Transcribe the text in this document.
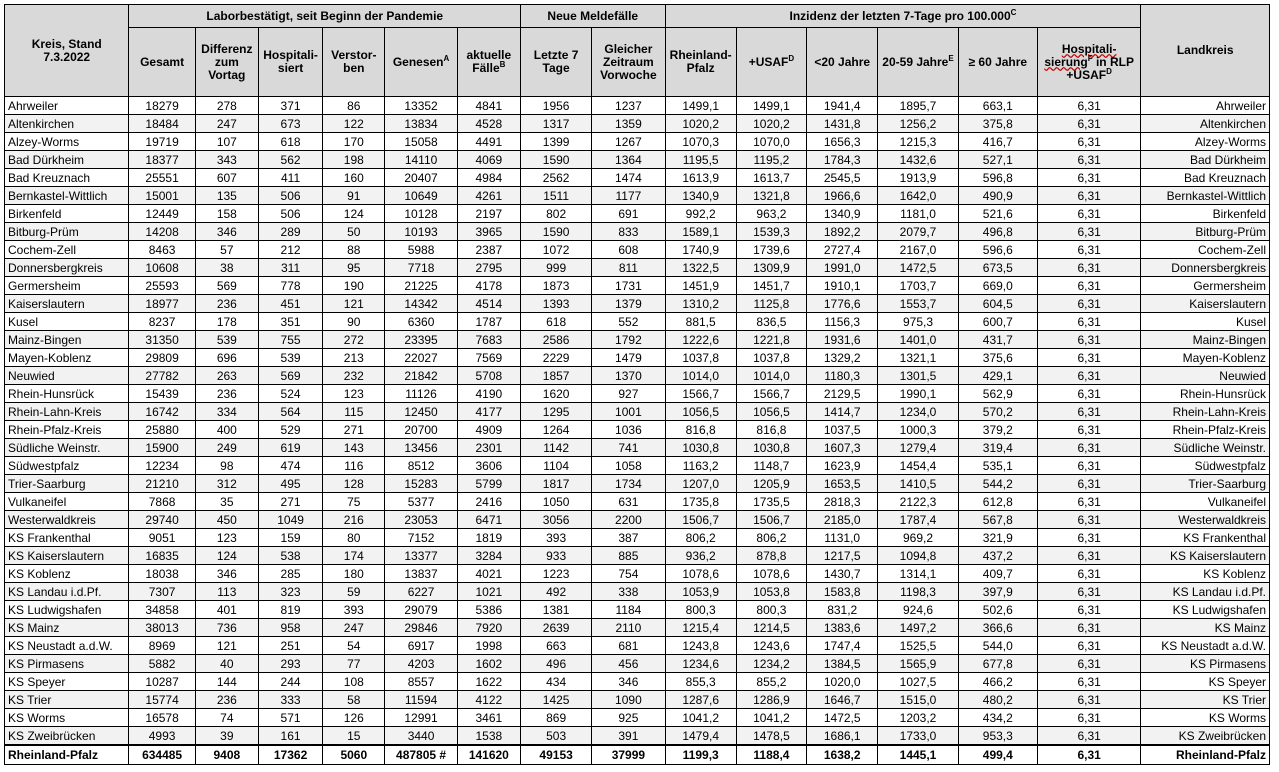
Kreis, Stand
7.3.2022	Laborbestätigt, seit Beginn der Pandemie						Neue Meldefälle		Inzidenz der letzten 7-Tage pro $100.000^C$						Landkreis
	Gesamt	Differenz zum Vortag	Hospitali-siert	Verstor-ben	Genesen$^A$	aktuelle Fälle$^B$	Letzte 7 Tage	Gleicher Zeitraum Vorwoche	Rheinland-Pfalz	$+USAF^D$	<20 Jahre	20-59 Jahre$^E$	≥ 60 Jahre	Hospitali-sierung$^F$ in RLP $+USAF^D$
Ahrweiler	18279	278	371	86	13352	4841	1956	1237	1499,1	1499,1	1941,4	1895,7	663,1	6,31	Ahrweiler
Altenkirchen	18484	247	673	122	13834	4528	1317	1359	1020,2	1020,2	1431,8	1256,2	375,8	6,31	Altenkirchen
Alzey-Worms	19719	107	618	170	15058	4491	1399	1267	1070,3	1070,0	1656,3	1215,3	416,7	6,31	Alzey-Worms
Bad Dürkheim	18377	343	562	198	14110	4069	1590	1364	1195,5	1195,2	1784,3	1432,6	527,1	6,31	Bad Dürkheim
Bad Kreuznach	25551	607	411	160	20407	4984	2562	1474	1613,9	1613,7	2545,5	1913,9	596,8	6,31	Bad Kreuznach
Bernkastel-Wittlich	15001	135	506	91	10649	4261	1511	1177	1340,9	1321,8	1966,6	1642,0	490,9	6,31	Bernkastel-Wittlich
Birkenfeld	12449	158	506	124	10128	2197	802	691	992,2	963,2	1340,9	1181,0	521,6	6,31	Birkenfeld
Bitburg-Prüm	14208	346	289	50	10193	3965	1590	833	1589,1	1539,3	1892,2	2079,7	496,8	6,31	Bitburg-Prüm
Cochem-Zell	8463	57	212	88	5988	2387	1072	608	1740,9	1739,6	2727,4	2167,0	596,6	6,31	Cochem-Zell
Donnersbergkreis	10608	38	311	95	7718	2795	999	811	1322,5	1309,9	1991,0	1472,5	673,5	6,31	Donnersbergkreis
Germersheim	25593	569	778	190	21225	4178	1873	1731	1451,9	1451,7	1910,1	1703,7	669,0	6,31	Germersheim
Kaiserslautern	18977	236	451	121	14342	4514	1393	1379	1310,2	1125,8	1776,6	1553,7	604,5	6,31	Kaiserslautern
Kusel	8237	178	351	90	6360	1787	618	552	881,5	836,5	1156,3	975,3	600,7	6,31	Kusel
Mainz-Bingen	31350	539	755	272	23395	7683	2586	1792	1222,6	1221,8	1931,6	1401,0	431,7	6,31	Mainz-Bingen
Mayen-Koblenz	29809	696	539	213	22027	7569	2229	1479	1037,8	1037,8	1329,2	1321,1	375,6	6,31	Mayen-Koblenz
Neuwied	27782	263	569	232	21842	5708	1857	1370	1014,0	1014,0	1180,3	1301,5	429,1	6,31	Neuwied
Rhein-Hunsrück	15439	236	524	123	11126	4190	1620	927	1566,7	1566,7	2129,5	1990,1	562,9	6,31	Rhein-Hunsrück
Rhein-Lahn-Kreis	16742	334	564	115	12450	4177	1295	1001	1056,5	1056,5	1414,7	1234,0	570,2	6,31	Rhein-Lahn-Kreis
Rhein-Pfalz-Kreis	25880	400	529	271	20700	4909	1264	1036	816,8	816,8	1037,5	1000,3	379,2	6,31	Rhein-Pfalz-Kreis
Südliche Weinstr.	15900	249	619	143	13456	2301	1142	741	1030,8	1030,8	1607,3	1279,4	319,4	6,31	Südliche Weinstr.
Südwestpfalz	12234	98	474	116	8512	3606	1104	1058	1163,2	1148,7	1623,9	1454,4	535,1	6,31	Südwestpfalz
Trier-Saarburg	21210	312	495	128	15283	5799	1817	1734	1207,0	1205,9	1653,5	1410,5	544,2	6,31	Trier-Saarburg
Vulkaneifel	7868	35	271	75	5377	2416	1050	631	1735,8	1735,5	2818,3	2122,3	612,8	6,31	Vulkaneifel
Westerwaldkreis	29740	450	1049	216	23053	6471	3056	2200	1506,7	1506,7	2185,0	1787,4	567,8	6,31	Westerwaldkreis
KS Frankenthal	9051	123	159	80	7152	1819	393	387	806,2	806,2	1131,0	969,2	321,9	6,31	KS Frankenthal
KS Kaiserslautern	16835	124	538	174	13377	3284	933	885	936,2	878,8	1217,5	1094,8	437,2	6,31	KS Kaiserslautern
KS Koblenz	18038	346	285	180	13837	4021	1223	754	1078,6	1078,6	1430,7	1314,1	409,7	6,31	KS Koblenz
KS Landau i.d.Pf.	7307	113	323	59	6227	1021	492	338	1053,9	1053,8	1583,8	1198,3	397,9	6,31	KS Landau i.d.Pf.
KS Ludwigshafen	34858	401	819	393	29079	5386	1381	1184	800,3	800,3	831,2	924,6	502,6	6,31	KS Ludwigshafen
KS Mainz	38013	736	958	247	29846	7920	2639	2110	1215,4	1214,5	1383,6	1497,2	366,6	6,31	KS Mainz
KS Neustadt a.d.W.	8969	121	251	54	6917	1998	663	681	1243,8	1243,6	1747,4	1525,5	544,0	6,31	KS Neustadt a.d.W.
KS Pirmasens	5882	40	293	77	4203	1602	496	456	1234,6	1234,2	1384,5	1565,9	677,8	6,31	KS Pirmasens
KS Speyer	10287	144	244	108	8557	1622	434	346	855,3	855,2	1020,0	1027,5	466,2	6,31	KS Speyer
KS Trier	15774	236	333	58	11594	4122	1425	1090	1287,6	1286,9	1646,7	1515,0	480,2	6,31	KS Trier
KS Worms	16578	74	571	126	12991	3461	869	925	1041,2	1041,2	1472,5	1203,2	434,2	6,31	KS Worms
KS Zweibrücken	4993	39	161	15	3440	1538	503	391	1479,4	1478,5	1686,1	1733,0	953,3	6,31	KS Zweibrücken
Rheinland-Pfalz	634485	9408	17362	5060	487805 #	141620	49153	37999	1199,3	1188,4	1638,2	1445,1	499,4	6,31	Rheinland-Pfalz
